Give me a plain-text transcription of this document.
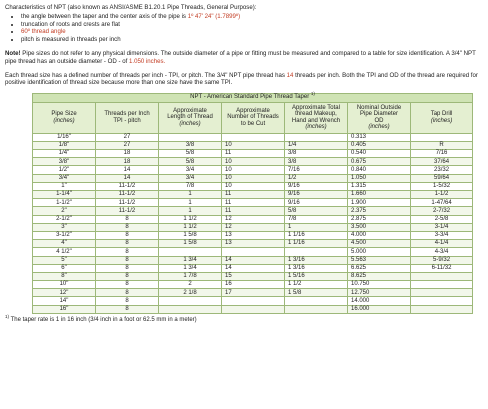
Characteristics of NPT (also known as ANSI/ASME B1.20.1 Pipe Threads, General Purpose):

• the angle between the taper and the center axis of the pipe is 1º 47' 24" (1.7899º)
• truncation of roots and crests are flat
• 60º thread angle
• pitch is measured in threads per inch

Note! Pipe sizes do not refer to any physical dimensions. The outside diameter of a pipe or fitting must be measured and compared to a table for size identification. A 3/4" NPT pipe thread has an outside diameter - OD - of 1.050 inches.

Each thread size has a defined number of threads per inch - TPI, or pitch. The 3/4" NPT pipe thread has 14 threads per inch. Both the TPI and OD of the thread are required for positive identification of thread size because more than one size have the same TPI.

NPT - American Standard Pipe Thread Taper $^{1)}$
Pipe Size
(inches)	Threads per Inch
TPI - pitch	Approximate
Length of Thread
(inches)	Approximate
Number of Threads
to be Cut	Approximate Total
thread Makeup,
Hand and Wrench
(inches)	Nominal Outside
Pipe Diameter
OD
(inches)	Tap Drill
(inches)
1/16"	27				0.313	
1/8"	27	3/8	10	1/4	0.405	R
1/4"	18	5/8	11	3/8	0.540	7/16
3/8"	18	5/8	10	3/8	0.675	37/64
1/2"	14	3/4	10	7/16	0.840	23/32
3/4"	14	3/4	10	1/2	1.050	59/64
1"	11-1/2	7/8	10	9/16	1.315	1-5/32
1-1/4"	11-1/2	1	11	9/16	1.660	1-1/2
1-1/2"	11-1/2	1	11	9/16	1.900	1-47/64
2"	11-1/2	1	11	5/8	2.375	2-7/32
2-1/2"	8	1 1/2	12	7/8	2.875	2-5/8
3"	8	1 1/2	12	1	3.500	3-1/4
3-1/2"	8	1 5/8	13	1 1/16	4.000	3-3/4
4"	8	1 5/8	13	1 1/16	4.500	4-1/4
4 1/2"	8				5.000	4-3/4
5"	8	1 3/4	14	1 3/16	5.563	5-9/32
6"	8	1 3/4	14	1 3/16	6.625	6-11/32
8"	8	1 7/8	15	1 5/16	8.625	
10"	8	2	16	1 1/2	10.750	
12"	8	2 1/8	17	1 5/8	12.750	
14"	8				14.000	
16"	8				16.000	

$^{1)}$ The taper rate is 1 in 16 inch (3/4 inch in a foot or 62.5 mm in a meter)
